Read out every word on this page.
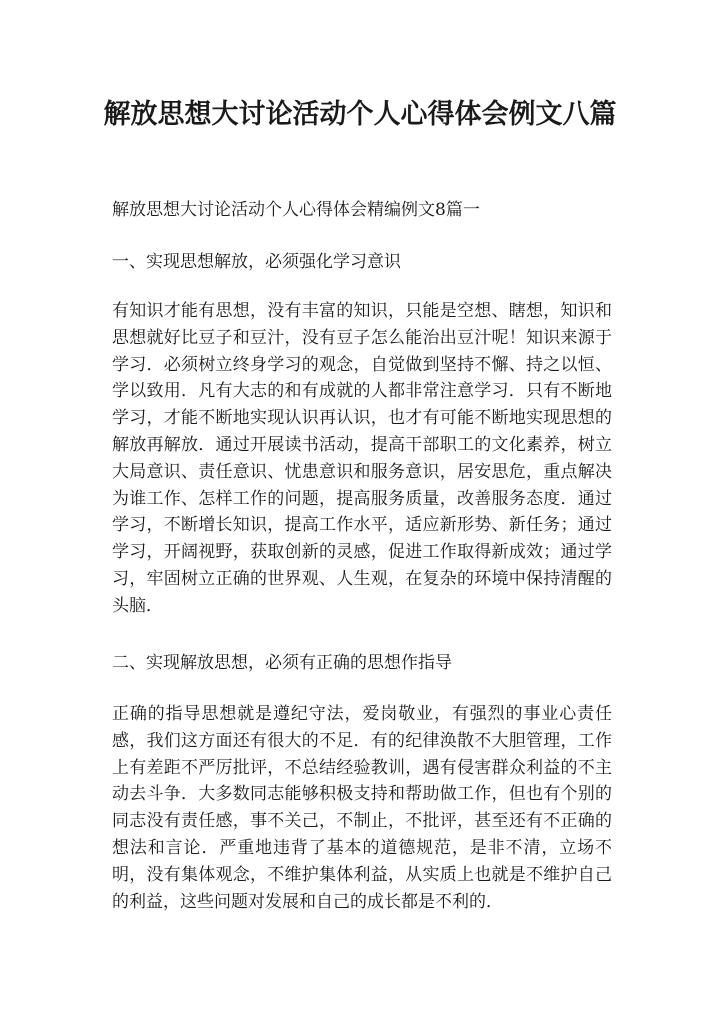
解放思想大讨论活动个人心得体会例文八篇

解放思想大讨论活动个人心得体会精编例文8篇一

一、实现思想解放，必须强化学习意识

有知识才能有思想，没有丰富的知识，只能是空想、瞎想，知识和思想就好比豆子和豆汁，没有豆子怎么能治出豆汁呢！知识来源于学习．必须树立终身学习的观念，自觉做到坚持不懈、持之以恒、学以致用．凡有大志的和有成就的人都非常注意学习．只有不断地学习，才能不断地实现认识再认识，也才有可能不断地实现思想的解放再解放．通过开展读书活动，提高干部职工的文化素养，树立大局意识、责任意识、忧患意识和服务意识，居安思危，重点解决为谁工作、怎样工作的问题，提高服务质量，改善服务态度．通过学习，不断增长知识，提高工作水平，适应新形势、新任务；通过学习，开阔视野，获取创新的灵感，促进工作取得新成效；通过学习，牢固树立正确的世界观、人生观，在复杂的环境中保持清醒的头脑．

二、实现解放思想，必须有正确的思想作指导

正确的指导思想就是遵纪守法，爱岗敬业，有强烈的事业心责任感，我们这方面还有很大的不足．有的纪律涣散不大胆管理，工作上有差距不严厉批评，不总结经验教训，遇有侵害群众利益的不主动去斗争．大多数同志能够积极支持和帮助做工作，但也有个别的同志没有责任感，事不关己，不制止，不批评，甚至还有不正确的想法和言论．严重地违背了基本的道德规范，是非不清，立场不明，没有集体观念，不维护集体利益，从实质上也就是不维护自己的利益，这些问题对发展和自己的成长都是不利的．
